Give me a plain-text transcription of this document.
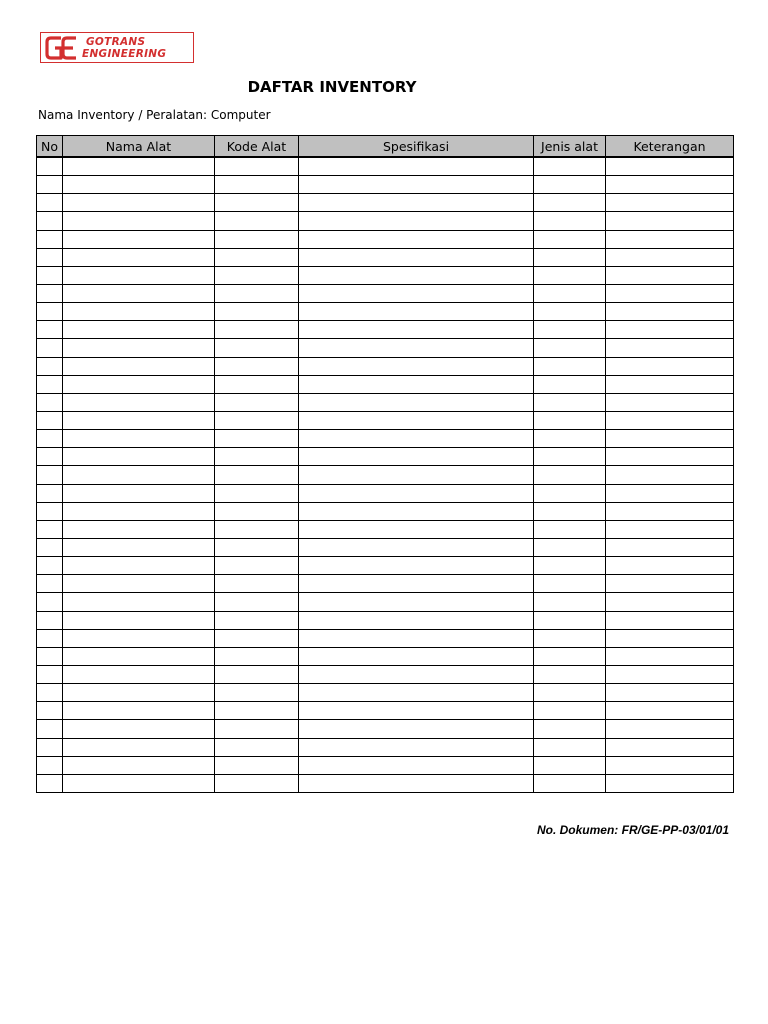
GOTRANS
ENGINEERING
DAFTAR INVENTORY
Nama Inventory / Peralatan: Computer
No	Nama Alat	Kode Alat	Spesifikasi	Jenis alat	Keterangan

No. Dokumen: FR/GE-PP-03/01/01
